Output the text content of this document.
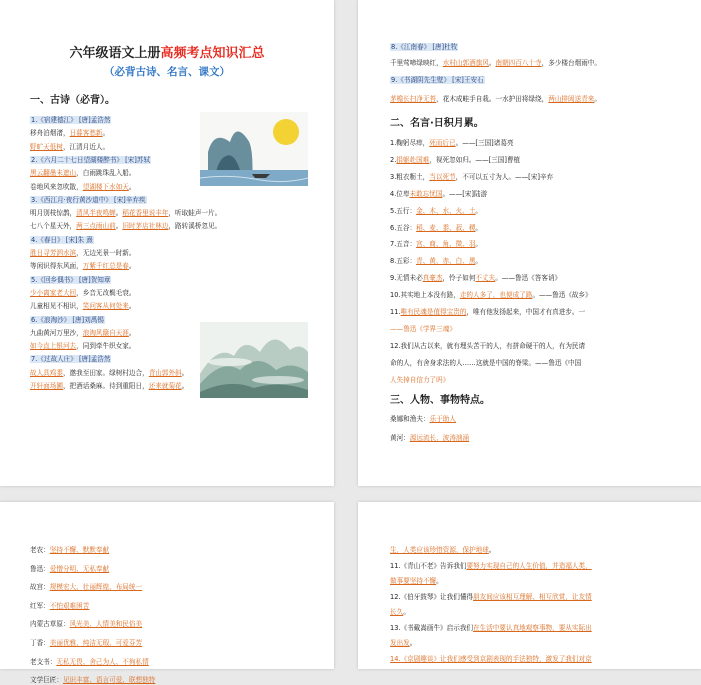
六年级语文上册高频考点知识汇总
（必背古诗、名言、课文）
一、古诗（必背）。
1.《宿建德江》 [唐]孟浩然
移舟泊烟渚，日暮客愁新。
野旷天低树，江清月近人。
2.《六月二十七日望湖楼醉书》 [宋]苏轼
黑云翻墨未遮山，白雨跳珠乱入船。
卷地风来忽吹散，望湖楼下水如天。
3.《西江月·夜行黄沙道中》 [宋]辛弃疾
明月别枝惊鹊，清风半夜鸣蝉。稻花香里说丰年，听取蛙声一片。
七八个星天外，两三点雨山前。旧时茅店社林边，路转溪桥忽见。
4.《春日》 [宋]朱 熹
胜日寻芳泗水滨，无边光景一时新。
等闲识得东风面，万紫千红总是春。
5.《回乡偶书》 [唐]贺知章
少小离家老大回，乡音无改鬓毛衰。
儿童相见不相识，笑问客从何处来。
6.《浪淘沙》 [唐]刘禹锡
九曲黄河万里沙，浪淘风簸自天涯。
如今直上银河去，同到牵牛织女家。
7.《过故人庄》 [唐]孟浩然
故人具鸡黍，邀我至田家。绿树村边合，青山郭外斜。
开轩面场圃，把酒话桑麻。待到重阳日，还来就菊花。
8.《江南春》 [唐]杜牧
千里莺啼绿映红，水村山郭酒旗风。南朝四百八十寺，多少楼台烟雨中。
9.《书湖阴先生壁》 [宋]王安石
茅檐长扫净无苔，花木成畦手自栽。一水护田将绿绕，两山排闼送青来。
1.鞠躬尽瘁，死而后已。——[三国]诸葛亮
2.捐躯赴国难，视死忽如归。——[三国]曹植
3.粗衣粝土，当以死节，不可以五寸为人。——[宋]辛弃
4.位卑未敢忘忧国。——[宋]陆游
5.五行：金、木、水、火、土。
6.五谷：稻、麦、黍、菽、稷。
7.五音：宫、商、角、徵、羽。
8.五彩：青、黄、赤、白、黑。
9.无情未必真豪杰，怜子如何不丈夫。——鲁迅《答客诮》
10.其实地上本没有路，走的人多了，也便成了路。——鲁迅《故乡》
11.唯有民魂是值得宝贵的，唯有他发扬起来，中国才有真进步。一
——鲁迅《学界三魂》
12.我们从古以来，就有埋头苦干的人，有拼命硬干的人，有为民请
命的人，有舍身求法的人……这就是中国的脊梁。——鲁迅《中国
人失掉自信力了吗》
桑娜和渔夫：乐于助人
黄河：源远流长、波涛汹涌
二、名言·日积月累。
三、人物、事物特点。
老农：坚持不懈、默默奉献
鲁迅：爱憎分明、无私奉献
故宫：规模宏大、壮丽辉煌、布局统一
红军：不怕艰难困苦
内蒙古草原：风光美、人情美和民俗美
丁香：美丽优雅、纯洁无瑕、可爱芬芳
老支书：无私无畏、舍己为人、不徇私情
文学巨匠：见识丰富、语言可爱、联想独特
生，人类应该珍惜资源，保护地球。
11.《青山不老》告诉我们要努力实现自己的人生价值，并造福人类，
做事要坚持不懈。
12.《伯牙鼓琴》让我们懂得朋友间应该相互理解、相互欣赏，让友情
长久。
13.《书戴嵩画牛》启示我们在生活中要认真地观察事物，要从实际出
发出发。
14.《京剧趣谈》让我们感受到京剧表现的手法独特，激发了我们对京
